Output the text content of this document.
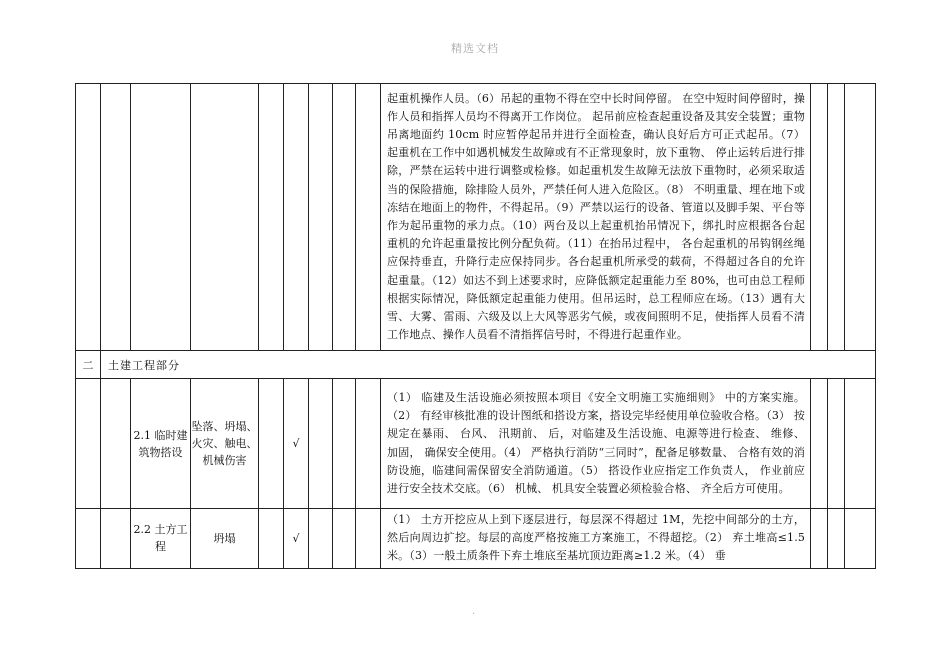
精选文档
									起重机操作人员。（6）吊起的重物不得在空中长时间停留。 在空中短时间停留时，操作人员和指挥人员均不得离开工作岗位。 起吊前应检查起重设备及其安全装置；重物吊离地面约 10cm 时应暂停起吊并进行全面检查，确认良好后方可正式起吊。（7） 起重机在工作中如遇机械发生故障或有不正常现象时，放下重物、 停止运转后进行排除，严禁在运转中进行调整或检修。如起重机发生故障无法放下重物时，必须采取适当的保险措施，除排险人员外，严禁任何人进入危险区。（8） 不明重量、埋在地下或冻结在地面上的物件，不得起吊。（9）严禁以运行的设备、管道以及脚手架、平台等作为起吊重物的承力点。（10）两台及以上起重机抬吊情况下，绑扎时应根据各台起重机的允许起重量按比例分配负荷。（11）在抬吊过程中， 各台起重机的吊钩钢丝绳应保持垂直，升降行走应保持同步。各台起重机所承受的载荷，不得超过各自的允许起重量。（12）如达不到上述要求时，应降低额定起重能力至 80%，也可由总工程师根据实际情况，降低额定起重能力使用。但吊运时，总工程师应在场。（13）遇有大雪、大雾、雷雨、六级及以上大风等恶劣气候，或夜间照明不足，使指挥人员看不清工作地点、操作人员看不清指挥信号时，不得进行起重作业。			
二	土建工程部分											
		2.1 临时建筑物搭设	坠落、坍塌、火灾、触电、机械伤害		√				（1） 临建及生活设施必须按照本项目《安全文明施工实施细则》 中的方案实施。（2） 有经审核批准的设计图纸和搭设方案，搭设完毕经使用单位验收合格。（3） 按规定在暴雨、 台风、 汛期前、 后，对临建及生活设施、电源等进行检查、 维修、 加固， 确保安全使用。（4） 严格执行消防“三同时”，配备足够数量、 合格有效的消防设施，临建间需保留安全消防通道。（5） 搭设作业应指定工作负责人， 作业前应进行安全技术交底。（6） 机械、 机具安全装置必须检验合格、 齐全后方可使用。			
		2.2 土方工程	坍塌		√				（1） 土方开挖应从上到下逐层进行，每层深不得超过 1M，先挖中间部分的土方，然后向周边扩挖。每层的高度严格按施工方案施工，不得超挖。（2） 弃土堆高≤1.5 米。（3）一般土质条件下弃土堆底至基坑顶边距离≥1.2 米。（4） 垂			
.
